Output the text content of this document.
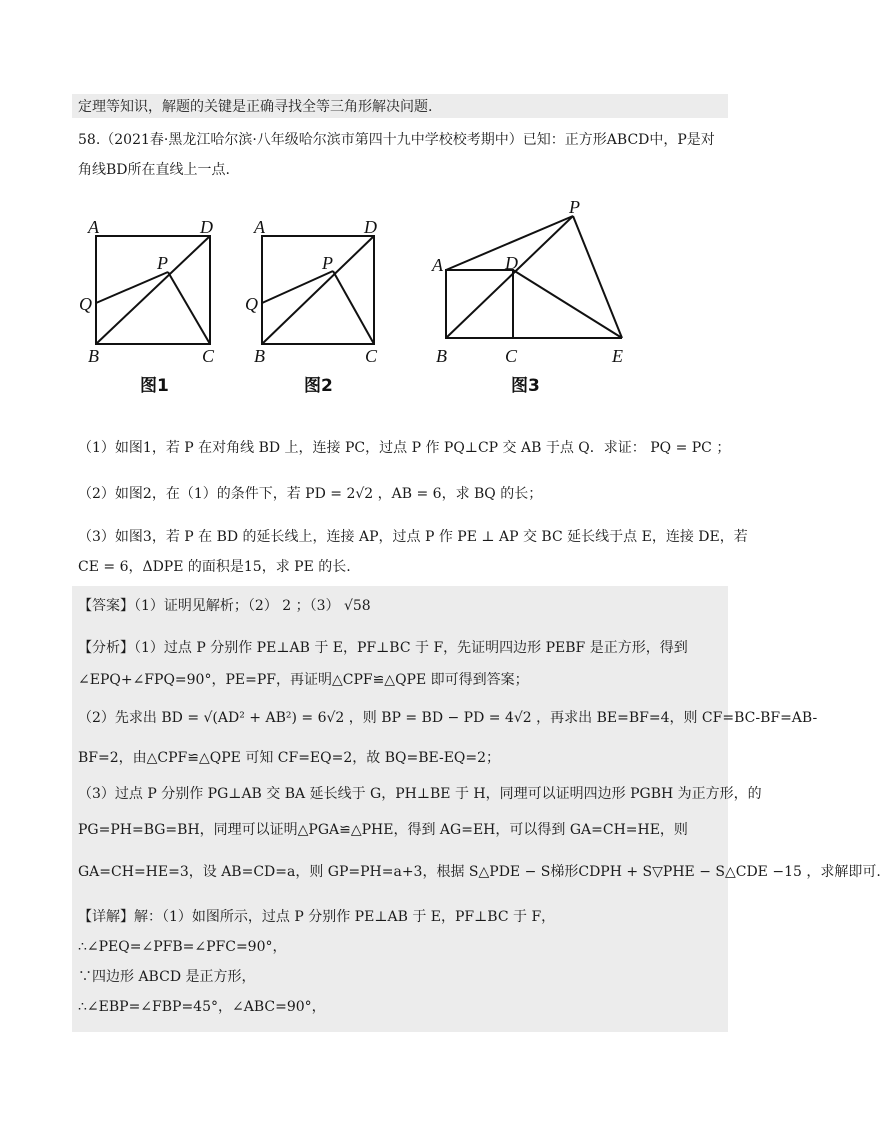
定理等知识，解题的关键是正确寻找全等三角形解决问题.
58.（2021春·黑龙江哈尔滨·八年级哈尔滨市第四十九中学校校考期中）已知：正方形ABCD中，P是对
角线BD所在直线上一点.
（1）如图1，若 P 在对角线 BD 上，连接 PC，过点 P 作 PQ⊥CP 交 AB 于点 Q．求证： PQ = PC ；
（2）如图2，在（1）的条件下，若 PD = 2√2 ，AB = 6，求 BQ 的长；
（3）如图3，若 P 在 BD 的延长线上，连接 AP，过点 P 作 PE ⊥ AP 交 BC 延长线于点 E，连接 DE，若
CE = 6，ΔDPE 的面积是15，求 PE 的长.
【答案】（1）证明见解析；（2） 2 ；（3） √58
【分析】（1）过点 P 分别作 PE⊥AB 于 E，PF⊥BC 于 F，先证明四边形 PEBF 是正方形，得到
∠EPQ+∠FPQ=90°，PE=PF，再证明△CPF≌△QPE 即可得到答案；
（2）先求出 BD = √(AD² + AB²) = 6√2 ，则 BP = BD − PD = 4√2 ，再求出 BE=BF=4，则 CF=BC-BF=AB-
BF=2，由△CPF≌△QPE 可知 CF=EQ=2，故 BQ=BE-EQ=2；
（3）过点 P 分别作 PG⊥AB 交 BA 延长线于 G，PH⊥BE 于 H，同理可以证明四边形 PGBH 为正方形，的
PG=PH=BG=BH，同理可以证明△PGA≌△PHE，得到 AG=EH，可以得到 GA=CH=HE，则
GA=CH=HE=3，设 AB=CD=a，则 GP=PH=a+3，根据 S△PDE − S梯形CDPH + S▽PHE − S△CDE −15 ，求解即可.
【详解】解：（1）如图所示，过点 P 分别作 PE⊥AB 于 E，PF⊥BC 于 F，
∴∠PEQ=∠PFB=∠PFC=90°，
∵四边形 ABCD 是正方形，
∴∠EBP=∠FBP=45°，∠ABC=90°，
A	D
P
Q
B	C
A	D
P
Q
B	C
P
A	D
B	C	E
图1	图2	图3
